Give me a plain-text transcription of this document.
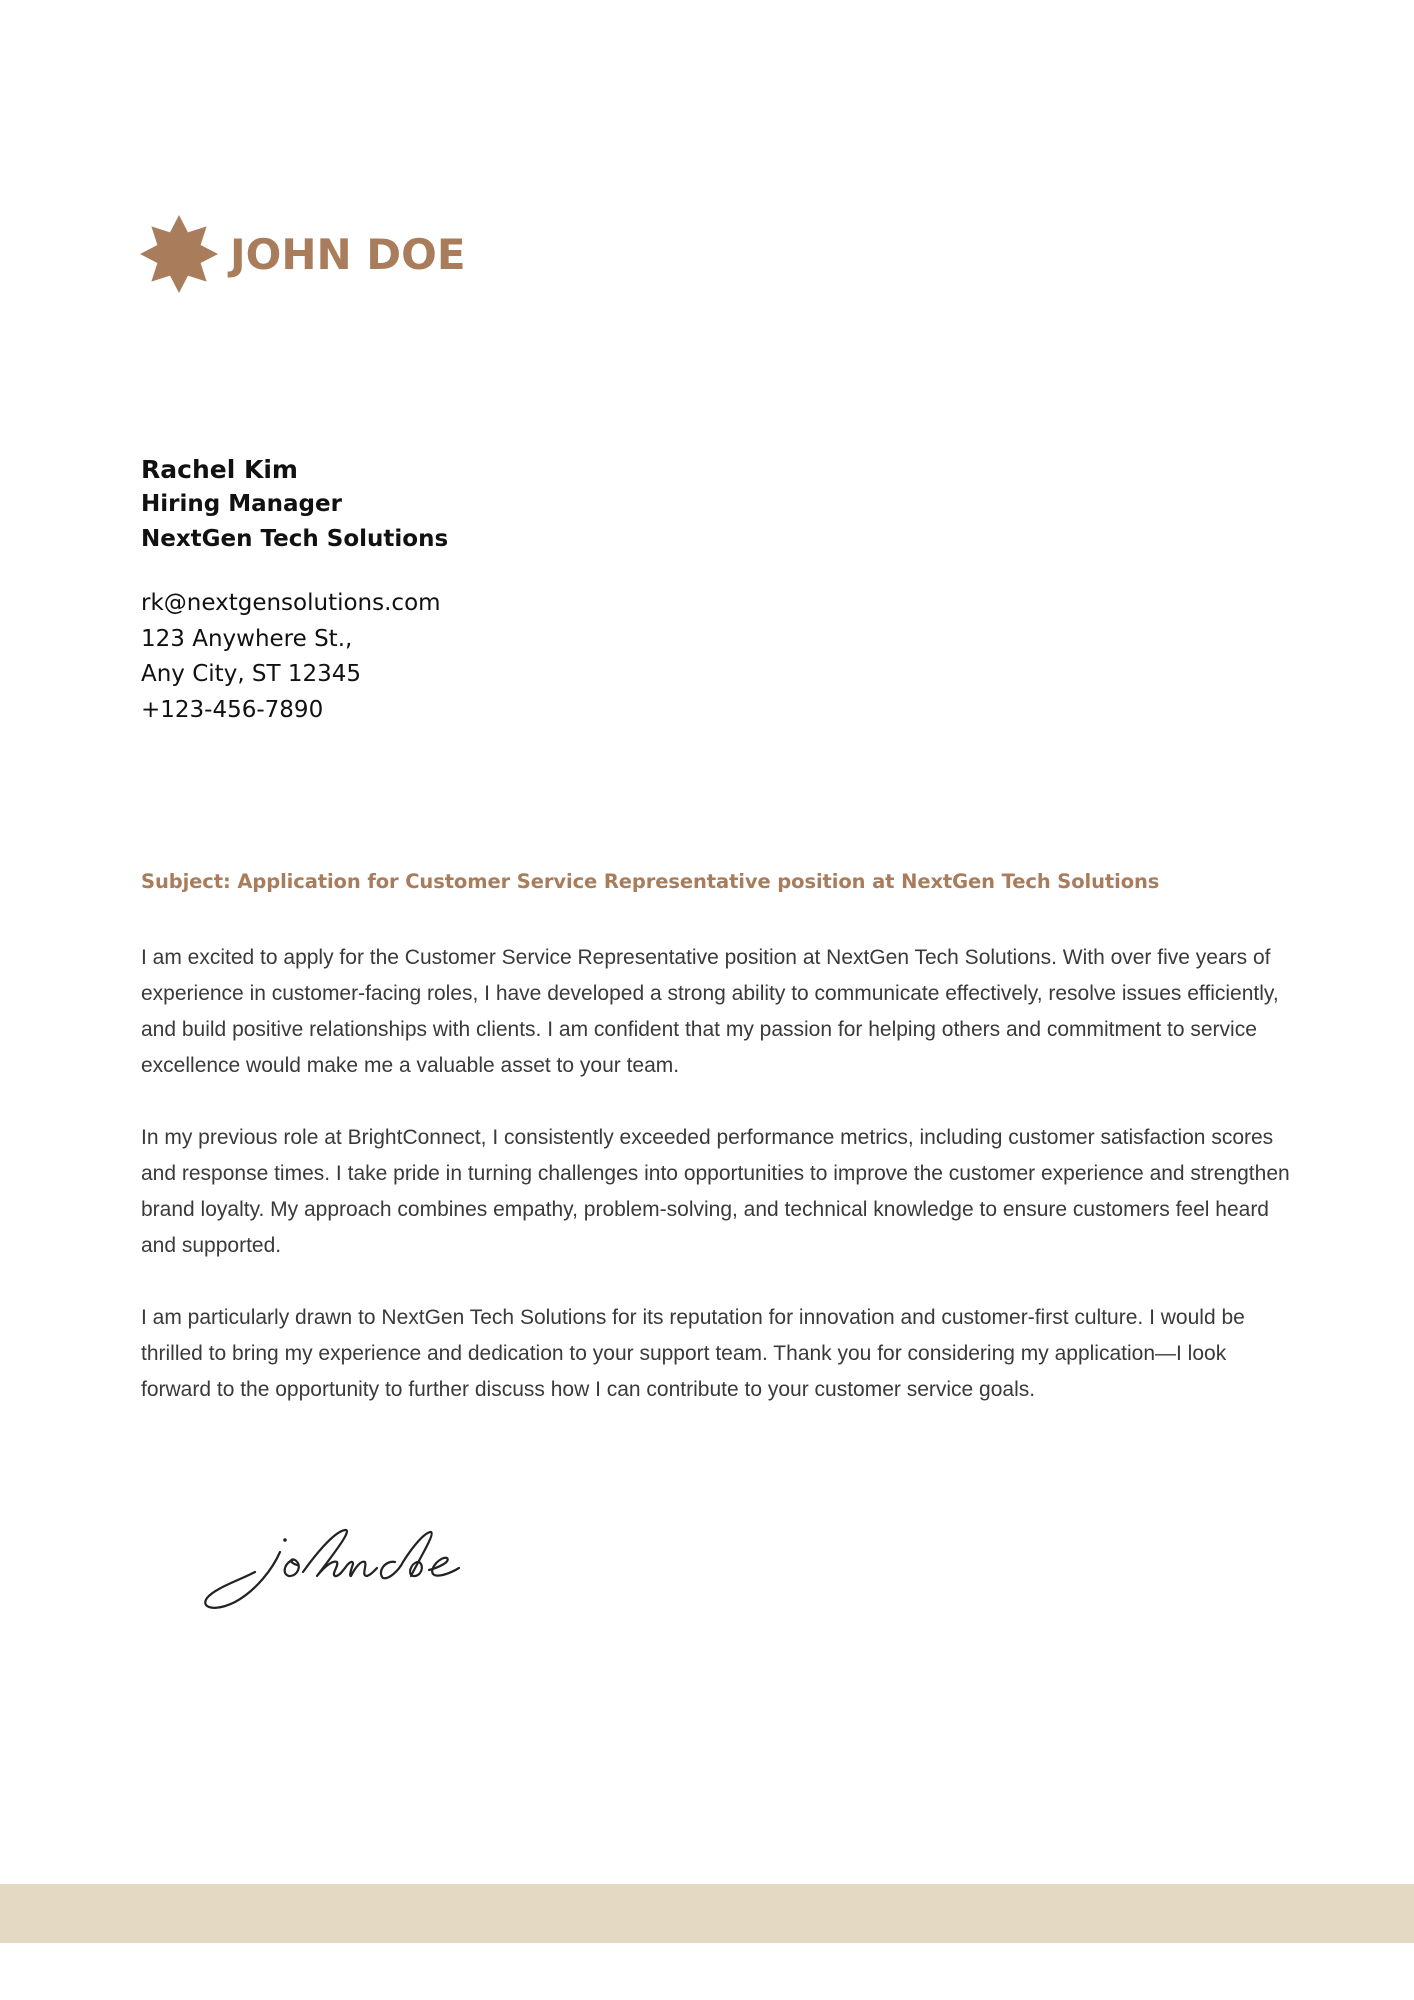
JOHN DOE
Rachel Kim
Hiring Manager
NextGen Tech Solutions
rk@nextgensolutions.com
123 Anywhere St.,
Any City, ST 12345
+123-456-7890
Subject: Application for Customer Service Representative position at NextGen Tech Solutions

I am excited to apply for the Customer Service Representative position at NextGen Tech Solutions. With over five years of experience in customer-facing roles, I have developed a strong ability to communicate effectively, resolve issues efficiently, and build positive relationships with clients. I am confident that my passion for helping others and commitment to service excellence would make me a valuable asset to your team.

In my previous role at BrightConnect, I consistently exceeded performance metrics, including customer satisfaction scores and response times. I take pride in turning challenges into opportunities to improve the customer experience and strengthen brand loyalty. My approach combines empathy, problem-solving, and technical knowledge to ensure customers feel heard and supported.

I am particularly drawn to NextGen Tech Solutions for its reputation for innovation and customer-first culture. I would be thrilled to bring my experience and dedication to your support team. Thank you for considering my application—I look forward to the opportunity to further discuss how I can contribute to your customer service goals.
